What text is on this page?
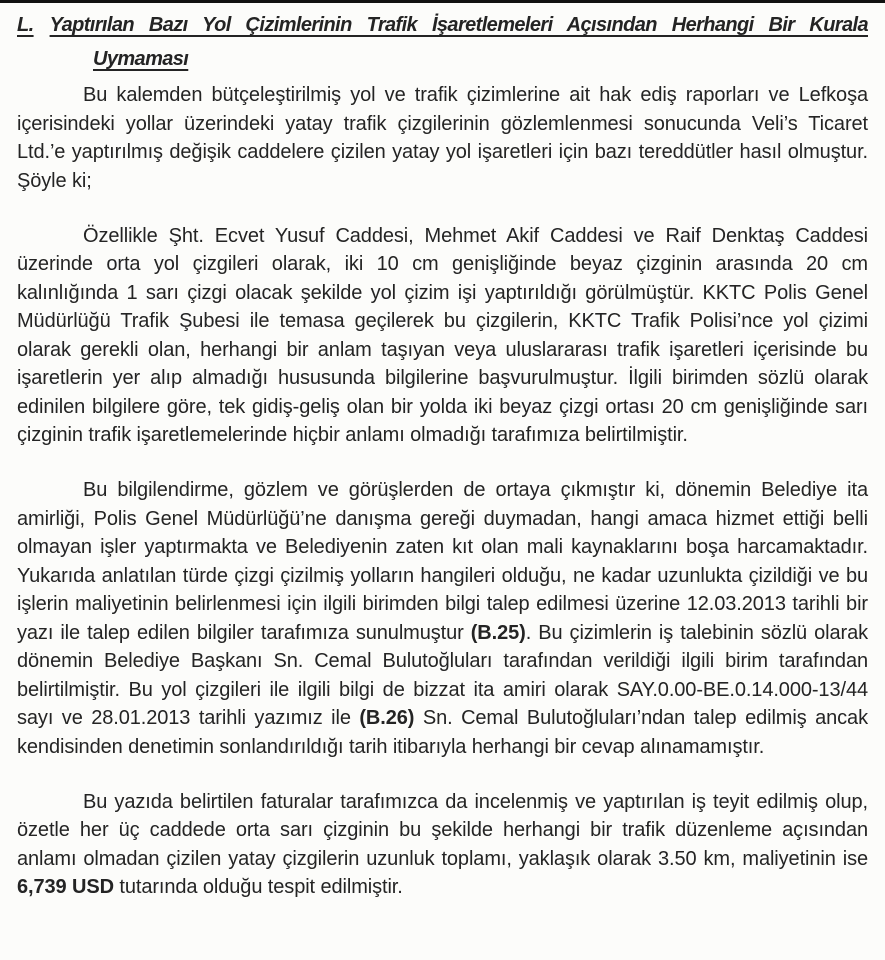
L. Yaptırılan Bazı Yol Çizimlerinin Trafik İşaretlemeleri Açısından Herhangi Bir Kurala Uymaması

Bu kalemden bütçeleştirilmiş yol ve trafik çizimlerine ait hak ediş raporları ve Lefkoşa içerisindeki yollar üzerindeki yatay trafik çizgilerinin gözlemlenmesi sonucunda Veli’s Ticaret Ltd.’e yaptırılmış değişik caddelere çizilen yatay yol işaretleri için bazı tereddütler hasıl olmuştur. Şöyle ki;

Özellikle Şht. Ecvet Yusuf Caddesi, Mehmet Akif Caddesi ve Raif Denktaş Caddesi üzerinde orta yol çizgileri olarak, iki 10 cm genişliğinde beyaz çizginin arasında 20 cm kalınlığında 1 sarı çizgi olacak şekilde yol çizim işi yaptırıldığı görülmüştür. KKTC Polis Genel Müdürlüğü Trafik Şubesi ile temasa geçilerek bu çizgilerin, KKTC Trafik Polisi’nce yol çizimi olarak gerekli olan, herhangi bir anlam taşıyan veya uluslararası trafik işaretleri içerisinde bu işaretlerin yer alıp almadığı hususunda bilgilerine başvurulmuştur. İlgili birimden sözlü olarak edinilen bilgilere göre, tek gidiş-geliş olan bir yolda iki beyaz çizgi ortası 20 cm genişliğinde sarı çizginin trafik işaretlemelerinde hiçbir anlamı olmadığı tarafımıza belirtilmiştir.

Bu bilgilendirme, gözlem ve görüşlerden de ortaya çıkmıştır ki, dönemin Belediye ita amirliği, Polis Genel Müdürlüğü’ne danışma gereği duymadan, hangi amaca hizmet ettiği belli olmayan işler yaptırmakta ve Belediyenin zaten kıt olan mali kaynaklarını boşa harcamaktadır. Yukarıda anlatılan türde çizgi çizilmiş yolların hangileri olduğu, ne kadar uzunlukta çizildiği ve bu işlerin maliyetinin belirlenmesi için ilgili birimden bilgi talep edilmesi üzerine 12.03.2013 tarihli bir yazı ile talep edilen bilgiler tarafımıza sunulmuştur (B.25). Bu çizimlerin iş talebinin sözlü olarak dönemin Belediye Başkanı Sn. Cemal Bulutoğluları tarafından verildiği ilgili birim tarafından belirtilmiştir. Bu yol çizgileri ile ilgili bilgi de bizzat ita amiri olarak SAY.0.00-BE.0.14.000-13/44 sayı ve 28.01.2013 tarihli yazımız ile (B.26) Sn. Cemal Bulutoğluları’ndan talep edilmiş ancak kendisinden denetimin sonlandırıldığı tarih itibarıyla herhangi bir cevap alınamamıştır.

Bu yazıda belirtilen faturalar tarafımızca da incelenmiş ve yaptırılan iş teyit edilmiş olup, özetle her üç caddede orta sarı çizginin bu şekilde herhangi bir trafik düzenleme açısından anlamı olmadan çizilen yatay çizgilerin uzunluk toplamı, yaklaşık olarak 3.50 km, maliyetinin ise 6,739 USD tutarında olduğu tespit edilmiştir.
